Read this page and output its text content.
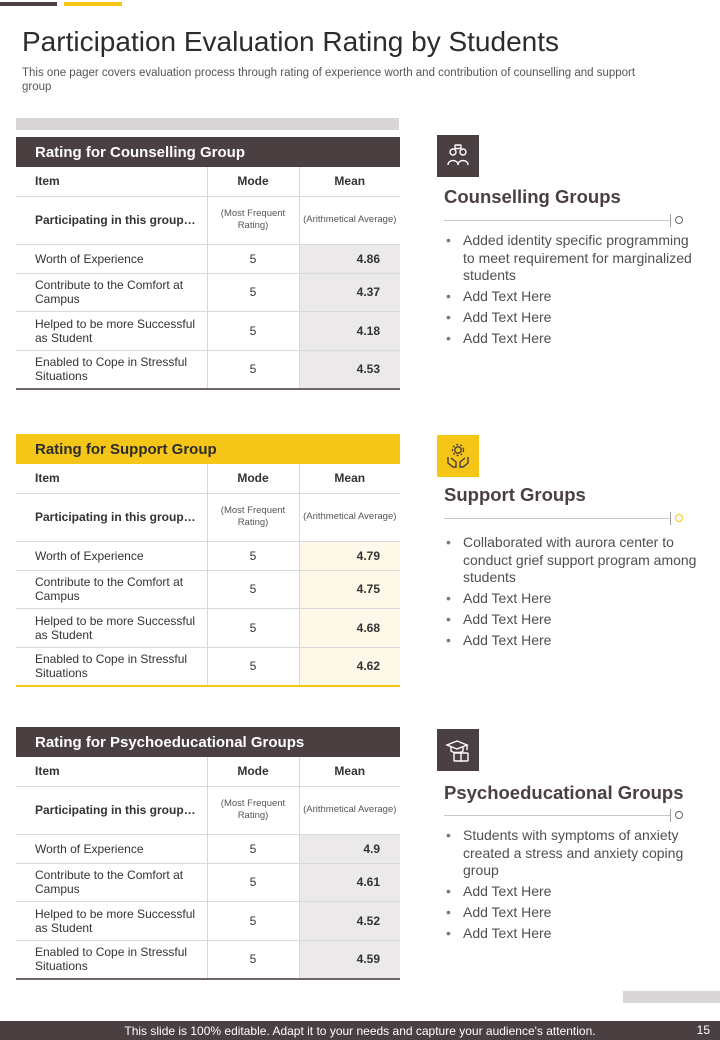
Participation Evaluation Rating by Students

This one pager covers evaluation process through rating of experience worth and contribution of counselling and support group

Rating for Counselling Group
Item	Mode	Mean
Participating in this group…	(Most Frequent Rating)	(Arithmetical Average)
Worth of Experience	5	4.86
Contribute to the Comfort at Campus	5	4.37
Helped to be more Successful as Student	5	4.18
Enabled to Cope in Stressful Situations	5	4.53
Rating for Support Group
Item	Mode	Mean
Participating in this group…	(Most Frequent Rating)	(Arithmetical Average)
Worth of Experience	5	4.79
Contribute to the Comfort at Campus	5	4.75
Helped to be more Successful as Student	5	4.68
Enabled to Cope in Stressful Situations	5	4.62
Rating for Psychoeducational Groups
Item	Mode	Mean
Participating in this group…	(Most Frequent Rating)	(Arithmetical Average)
Worth of Experience	5	4.9
Contribute to the Comfort at Campus	5	4.61
Helped to be more Successful as Student	5	4.52
Enabled to Cope in Stressful Situations	5	4.59
Counselling Groups
• Added identity specific programming to meet requirement for marginalized students
• Add Text Here
• Add Text Here
• Add Text Here
Support Groups
• Collaborated with aurora center to conduct grief support program among students
• Add Text Here
• Add Text Here
• Add Text Here
Psychoeducational Groups
• Students with symptoms of anxiety created a stress and anxiety coping group
• Add Text Here
• Add Text Here
• Add Text Here
This slide is 100% editable. Adapt it to your needs and capture your audience's attention.	15
